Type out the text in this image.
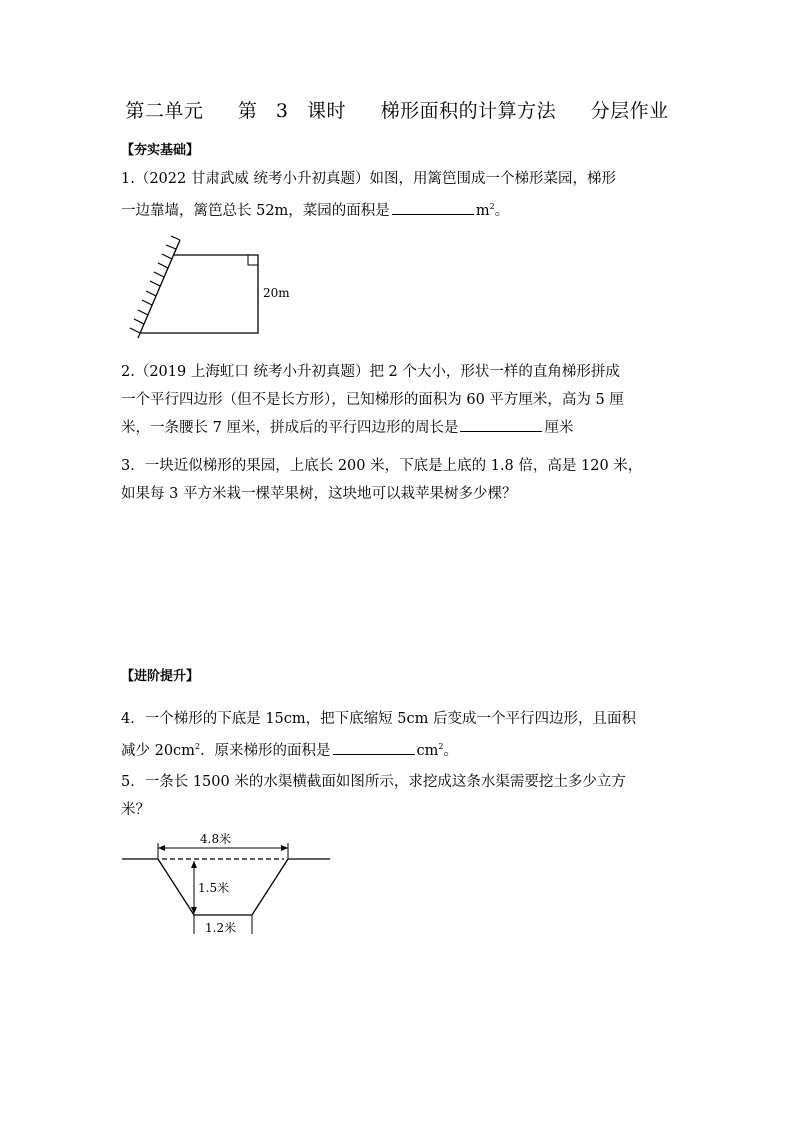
第二单元 第 3 课时 梯形面积的计算方法 分层作业
【夯实基础】
1.（2022 甘肃武威 统考小升初真题）如图，用篱笆围成一个梯形菜园，梯形
一边靠墙，篱笆总长 52m，菜园的面积是	$m^2$。
20m
2.（2019 上海虹口 统考小升初真题）把 2 个大小，形状一样的直角梯形拼成
一个平行四边形（但不是长方形），已知梯形的面积为 60 平方厘米，高为 5 厘
米，一条腰长 7 厘米，拼成后的平行四边形的周长是	厘米
3．一块近似梯形的果园，上底长 200 米，下底是上底的 1.8 倍，高是 120 米，
如果每 3 平方米栽一棵苹果树，这块地可以栽苹果树多少棵？
【进阶提升】
4．一个梯形的下底是 15cm，把下底缩短 5cm 后变成一个平行四边形，且面积
减少 $20cm^2$．原来梯形的面积是	$cm^2$。
5．一条长 1500 米的水渠横截面如图所示，求挖成这条水渠需要挖土多少立方
米？
4.8米
1.5米
1.2米
